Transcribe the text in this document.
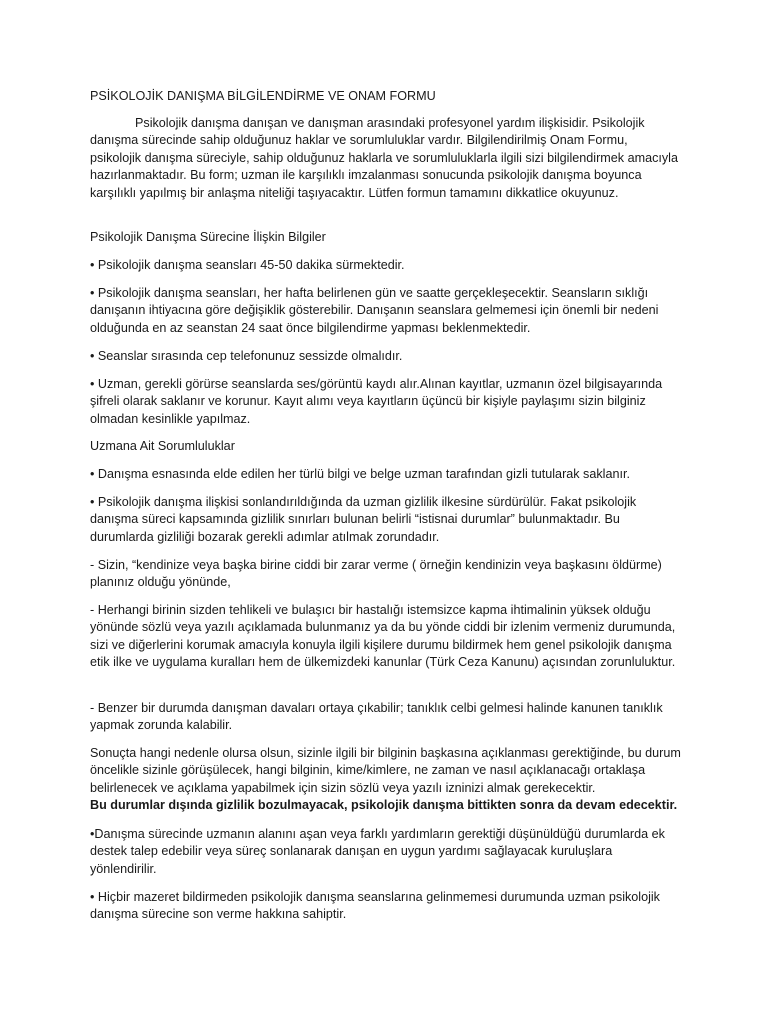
PSİKOLOJİK DANIŞMA BİLGİLENDİRME VE ONAM FORMU

Psikolojik danışma danışan ve danışman arasındaki profesyonel yardım ilişkisidir. Psikolojik danışma sürecinde sahip olduğunuz haklar ve sorumluluklar vardır. Bilgilendirilmiş Onam Formu, psikolojik danışma süreciyle, sahip olduğunuz haklarla ve sorumluluklarla ilgili sizi bilgilendirmek amacıyla hazırlanmaktadır. Bu form; uzman ile karşılıklı imzalanması sonucunda psikolojik danışma boyunca karşılıklı yapılmış bir anlaşma niteliği taşıyacaktır. Lütfen formun tamamını dikkatlice okuyunuz.

Psikolojik Danışma Sürecine İlişkin Bilgiler

• Psikolojik danışma seansları 45-50 dakika sürmektedir.

• Psikolojik danışma seansları, her hafta belirlenen gün ve saatte gerçekleşecektir. Seansların sıklığı danışanın ihtiyacına göre değişiklik gösterebilir. Danışanın seanslara gelmemesi için önemli bir nedeni olduğunda en az seanstan 24 saat önce bilgilendirme yapması beklenmektedir.

• Seanslar sırasında cep telefonunuz sessizde olmalıdır.

• Uzman, gerekli görürse seanslarda ses/görüntü kaydı alır.Alınan kayıtlar, uzmanın özel bilgisayarında şifreli olarak saklanır ve korunur. Kayıt alımı veya kayıtların üçüncü bir kişiyle paylaşımı sizin bilginiz olmadan kesinlikle yapılmaz.

Uzmana Ait Sorumluluklar

• Danışma esnasında elde edilen her türlü bilgi ve belge uzman tarafından gizli tutularak saklanır.

• Psikolojik danışma ilişkisi sonlandırıldığında da uzman gizlilik ilkesine sürdürülür. Fakat psikolojik danışma süreci kapsamında gizlilik sınırları bulunan belirli “istisnai durumlar” bulunmaktadır. Bu durumlarda gizliliği bozarak gerekli adımlar atılmak zorundadır.

- Sizin, “kendinize veya başka birine ciddi bir zarar verme ( örneğin kendinizin veya başkasını öldürme) planınız olduğu yönünde,

- Herhangi birinin sizden tehlikeli ve bulaşıcı bir hastalığı istemsizce kapma ihtimalinin yüksek olduğu yönünde sözlü veya yazılı açıklamada bulunmanız ya da bu yönde ciddi bir izlenim vermeniz durumunda, sizi ve diğerlerini korumak amacıyla konuyla ilgili kişilere durumu bildirmek hem genel psikolojik danışma etik ilke ve uygulama kuralları hem de ülkemizdeki kanunlar (Türk Ceza Kanunu) açısından zorunluluktur.

- Benzer bir durumda danışman davaları ortaya çıkabilir; tanıklık celbi gelmesi halinde kanunen tanıklık yapmak zorunda kalabilir.

Sonuçta hangi nedenle olursa olsun, sizinle ilgili bir bilginin başkasına açıklanması gerektiğinde, bu durum öncelikle sizinle görüşülecek, hangi bilginin, kime/kimlere, ne zaman ve nasıl açıklanacağı ortaklaşa belirlenecek ve açıklama yapabilmek için sizin sözlü veya yazılı izninizi almak gerekecektir.
Bu durumlar dışında gizlilik bozulmayacak, psikolojik danışma bittikten sonra da devam edecektir.

•Danışma sürecinde uzmanın alanını aşan veya farklı yardımların gerektiği düşünüldüğü durumlarda ek destek talep edebilir veya süreç sonlanarak danışan en uygun yardımı sağlayacak kuruluşlara yönlendirilir.

• Hiçbir mazeret bildirmeden psikolojik danışma seanslarına gelinmemesi durumunda uzman psikolojik danışma sürecine son verme hakkına sahiptir.
